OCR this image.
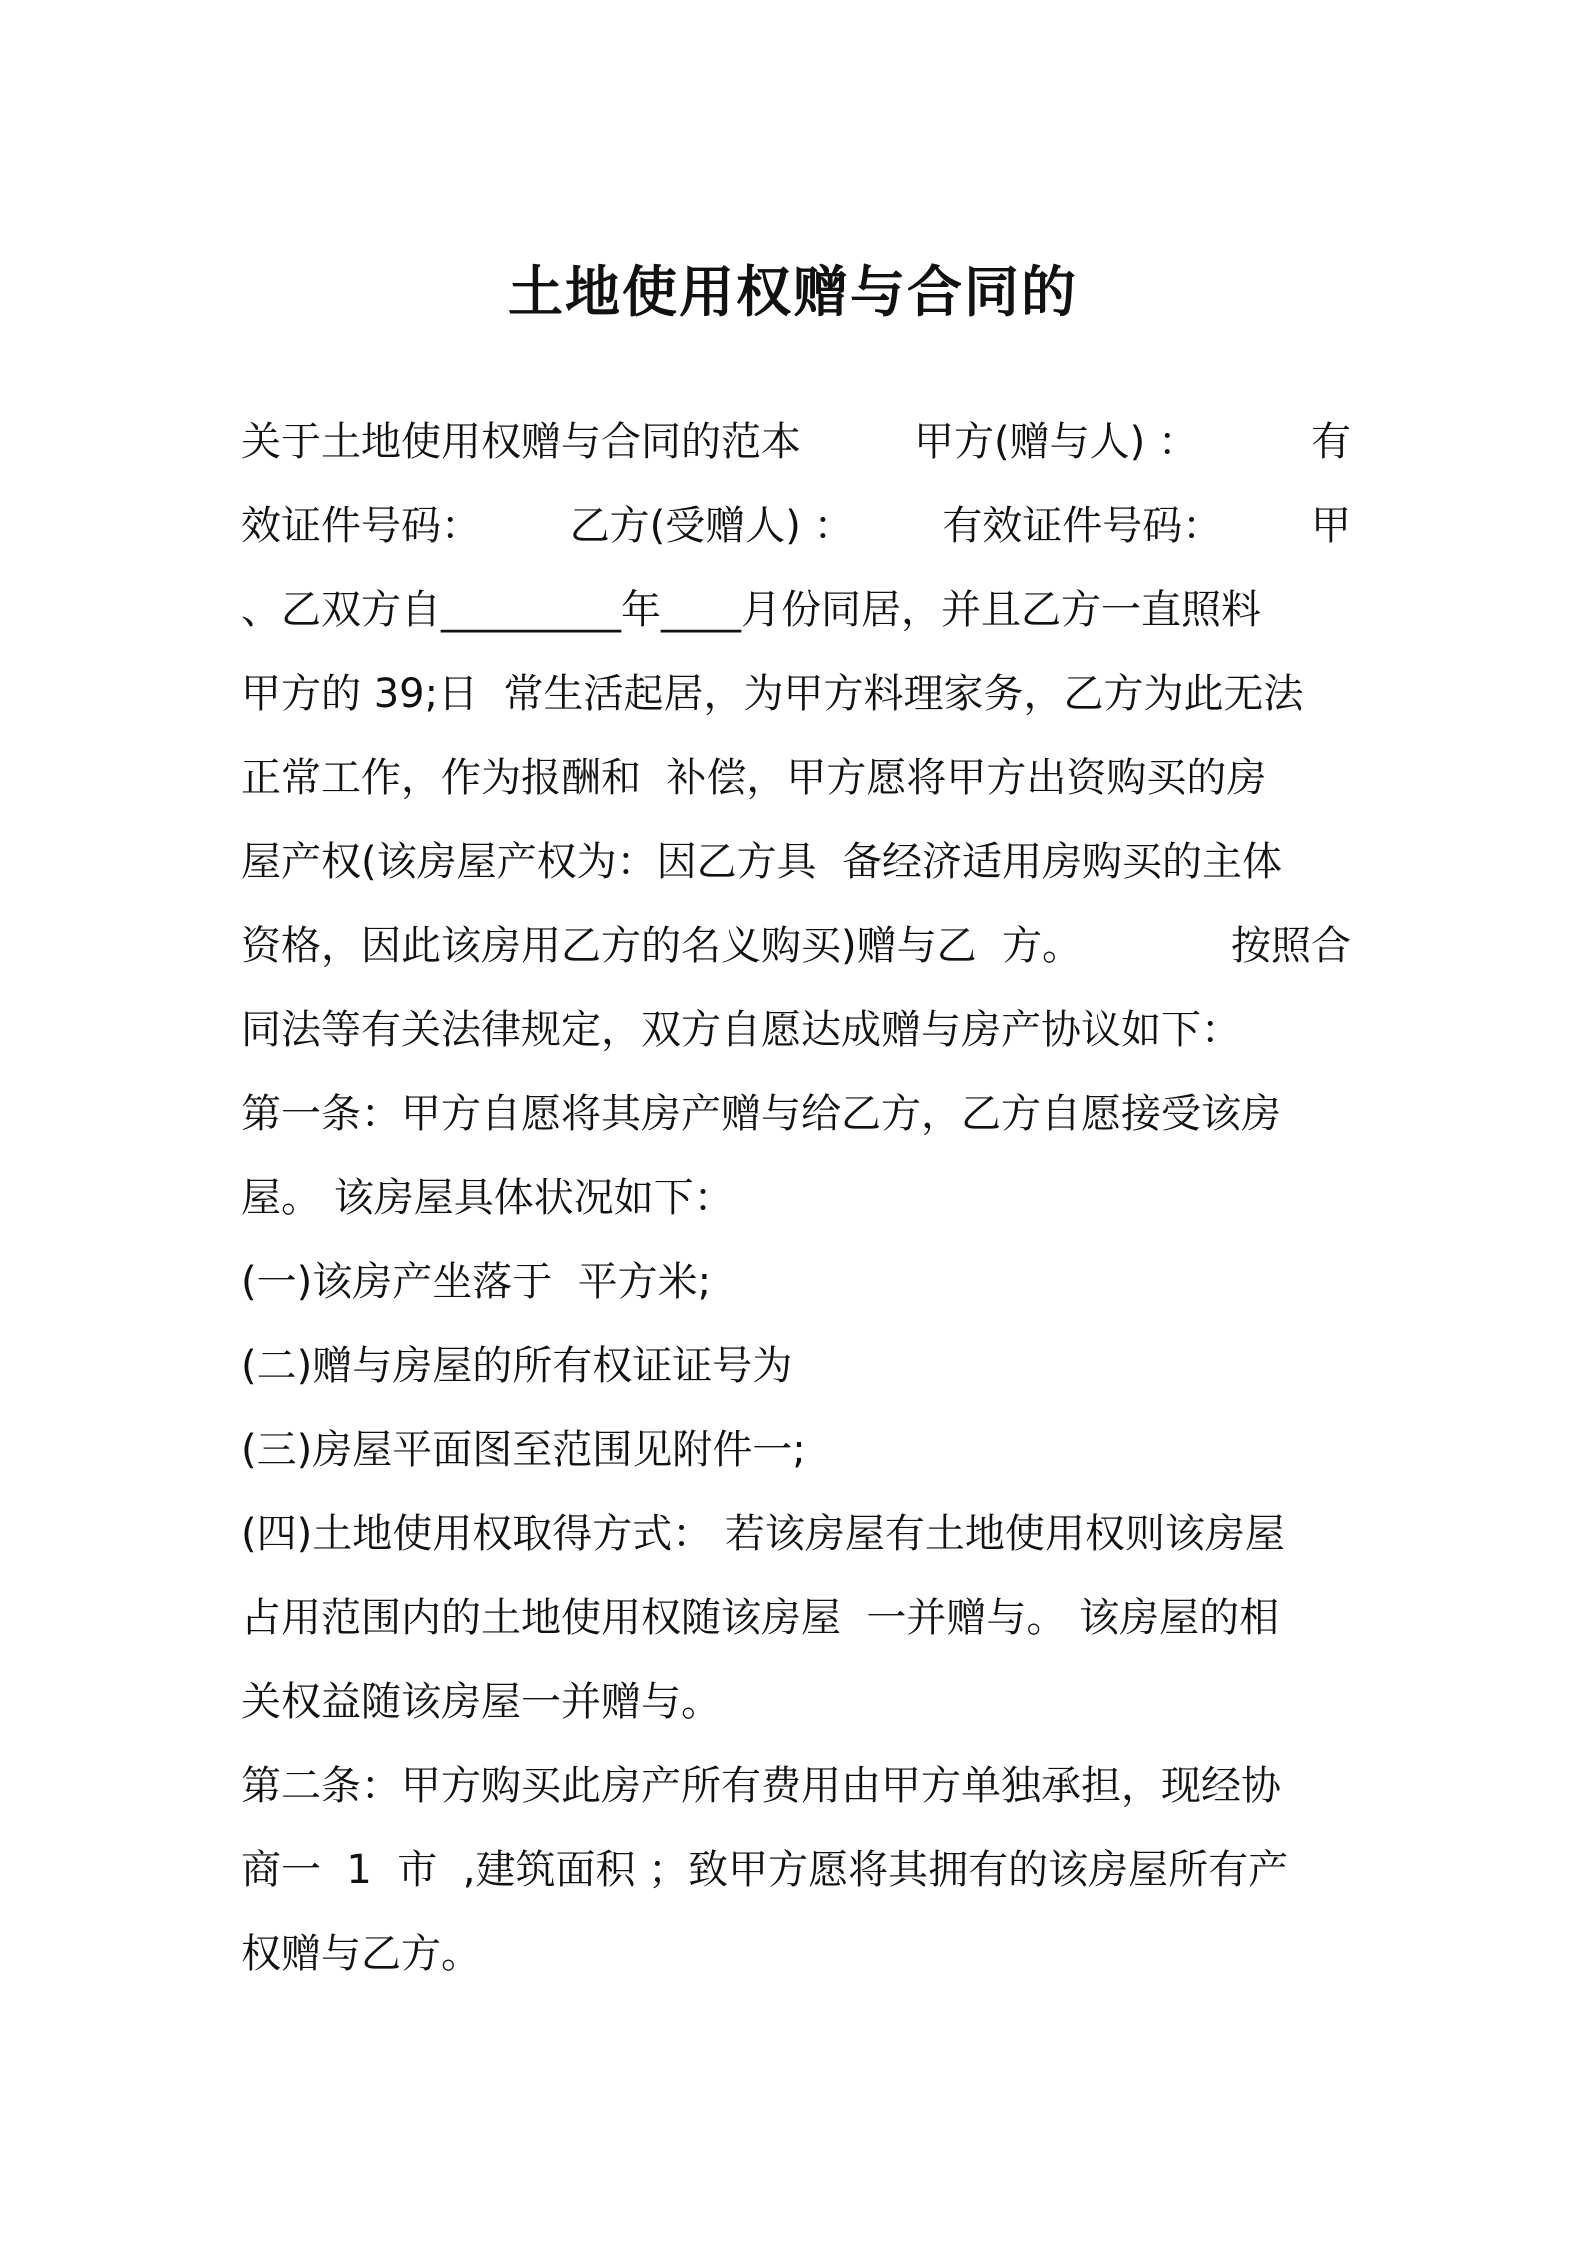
土地使用权赠与合同的
关于土地使用权赠与合同的范本	甲方(赠与人) ：	有
效证件号码： 乙方(受赠人) ： 有效证件号码： 甲
、乙双方自_________年____月份同居，并且乙方一直照料
甲方的 39;日  常生活起居，为甲方料理家务，乙方为此无法
正常工作，作为报酬和  补偿，甲方愿将甲方出资购买的房
屋产权(该房屋产权为：因乙方具  备经济适用房购买的主体
资格，因此该房用乙方的名义购买)赠与乙  方。	按照合
同法等有关法律规定，双方自愿达成赠与房产协议如下：
第一条：甲方自愿将其房产赠与给乙方，乙方自愿接受该房
屋。 该房屋具体状况如下：
(一)该房产坐落于  平方米;
(二)赠与房屋的所有权证证号为
(三)房屋平面图至范围见附件一;
(四)土地使用权取得方式： 若该房屋有土地使用权则该房屋
占用范围内的土地使用权随该房屋  一并赠与。 该房屋的相
关权益随该房屋一并赠与。
第二条：甲方购买此房产所有费用由甲方单独承担，现经协
商一  1  市  ,建筑面积 ；致甲方愿将其拥有的该房屋所有产
权赠与乙方。
